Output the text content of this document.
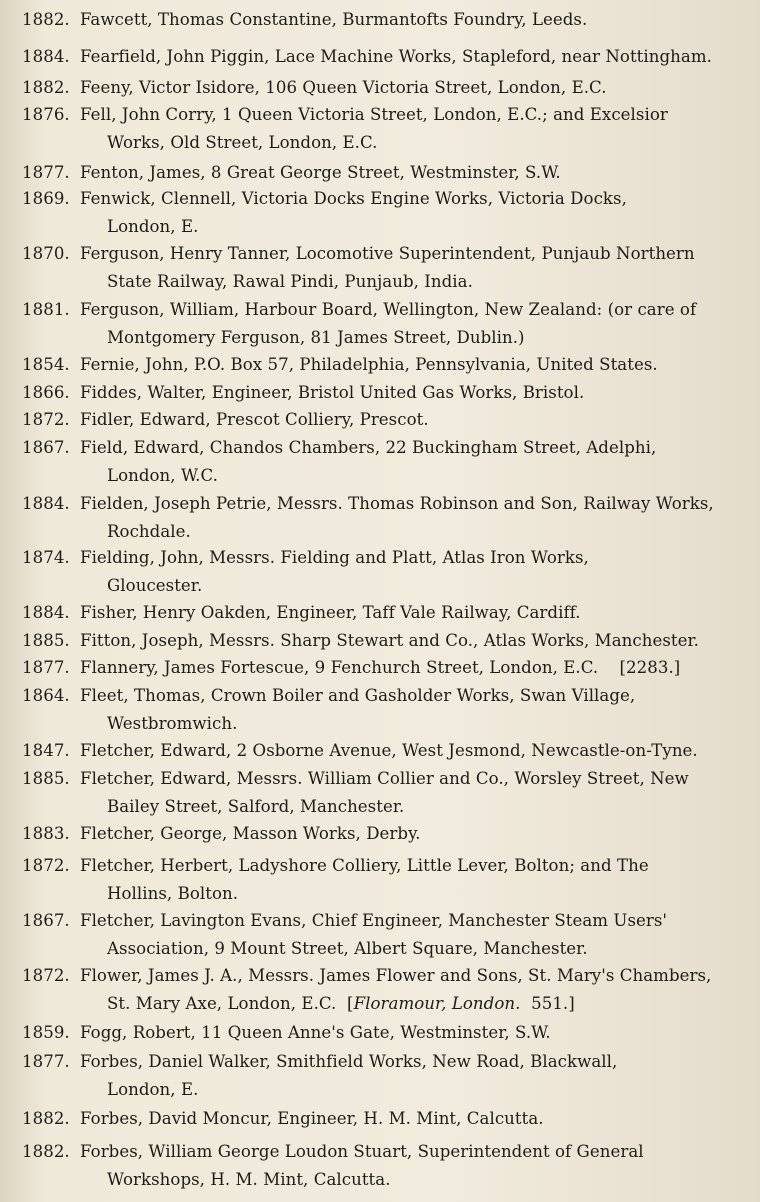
1882. Fawcett, Thomas Constantine, Burmantofts Foundry, Leeds.
1884. Fearfield, John Piggin, Lace Machine Works, Stapleford, near Nottingham.
1882. Feeny, Victor Isidore, 106 Queen Victoria Street, London, E.C.
1876. Fell, John Corry, 1 Queen Victoria Street, London, E.C.; and Excelsior
Works, Old Street, London, E.C.
1877. Fenton, James, 8 Great George Street, Westminster, S.W.
1869. Fenwick, Clennell, Victoria Docks Engine Works, Victoria Docks,
London, E.
1870. Ferguson, Henry Tanner, Locomotive Superintendent, Punjaub Northern
State Railway, Rawal Pindi, Punjaub, India.
1881. Ferguson, William, Harbour Board, Wellington, New Zealand: (or care of
Montgomery Ferguson, 81 James Street, Dublin.)
1854. Fernie, John, P.O. Box 57, Philadelphia, Pennsylvania, United States.
1866. Fiddes, Walter, Engineer, Bristol United Gas Works, Bristol.
1872. Fidler, Edward, Prescot Colliery, Prescot.
1867. Field, Edward, Chandos Chambers, 22 Buckingham Street, Adelphi,
London, W.C.
1884. Fielden, Joseph Petrie, Messrs. Thomas Robinson and Son, Railway Works,
Rochdale.
1874. Fielding, John, Messrs. Fielding and Platt, Atlas Iron Works,
Gloucester.
1884. Fisher, Henry Oakden, Engineer, Taff Vale Railway, Cardiff.
1885. Fitton, Joseph, Messrs. Sharp Stewart and Co., Atlas Works, Manchester.
1877. Flannery, James Fortescue, 9 Fenchurch Street, London, E.C.    [2283.]
1864. Fleet, Thomas, Crown Boiler and Gasholder Works, Swan Village,
Westbromwich.
1847. Fletcher, Edward, 2 Osborne Avenue, West Jesmond, Newcastle-on-Tyne.
1885. Fletcher, Edward, Messrs. William Collier and Co., Worsley Street, New
Bailey Street, Salford, Manchester.
1883. Fletcher, George, Masson Works, Derby.
1872. Fletcher, Herbert, Ladyshore Colliery, Little Lever, Bolton; and The
Hollins, Bolton.
1867. Fletcher, Lavington Evans, Chief Engineer, Manchester Steam Users'
Association, 9 Mount Street, Albert Square, Manchester.
1872. Flower, James J. A., Messrs. James Flower and Sons, St. Mary's Chambers,
St. Mary Axe, London, E.C.  [Floramour, London.  551.]
1859. Fogg, Robert, 11 Queen Anne's Gate, Westminster, S.W.
1877. Forbes, Daniel Walker, Smithfield Works, New Road, Blackwall,
London, E.
1882. Forbes, David Moncur, Engineer, H. M. Mint, Calcutta.
1882. Forbes, William George Loudon Stuart, Superintendent of General
Workshops, H. M. Mint, Calcutta.
